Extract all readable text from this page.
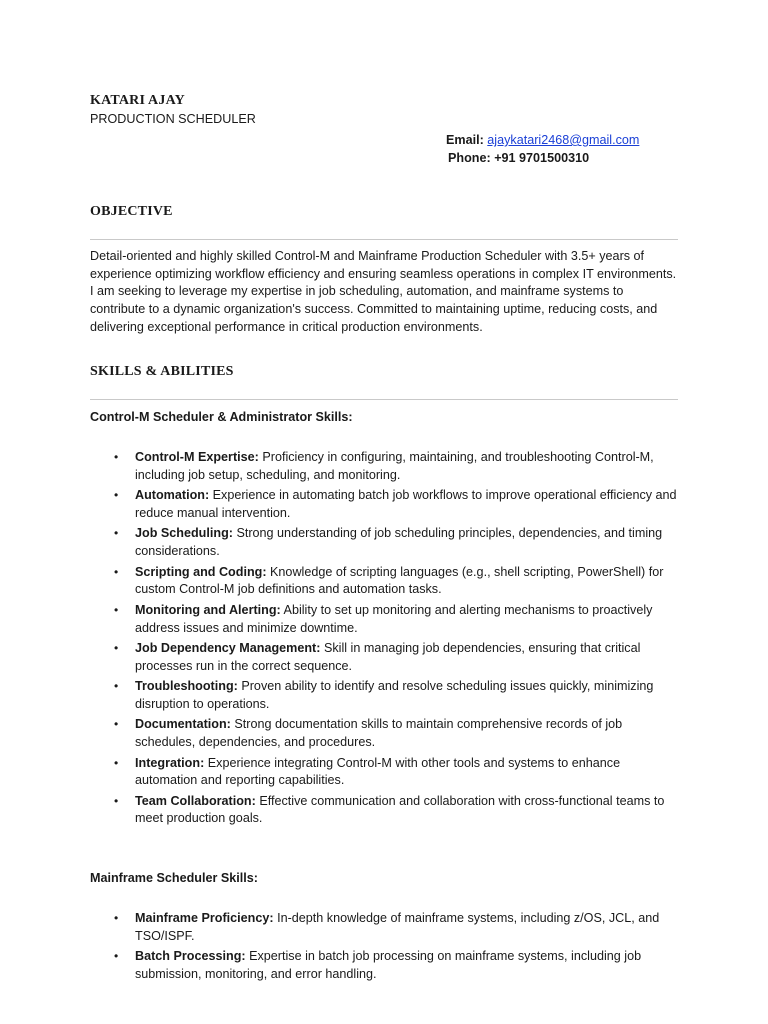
KATARI AJAY
PRODUCTION SCHEDULER
Email: ajaykatari2468@gmail.com
Phone: +91 9701500310
OBJECTIVE
Detail-oriented and highly skilled Control-M and Mainframe Production Scheduler with 3.5+ years of experience optimizing workflow efficiency and ensuring seamless operations in complex IT environments. I am seeking to leverage my expertise in job scheduling, automation, and mainframe systems to contribute to a dynamic organization's success. Committed to maintaining uptime, reducing costs, and delivering exceptional performance in critical production environments.
SKILLS & ABILITIES
Control-M Scheduler & Administrator Skills:
• Control-M Expertise: Proficiency in configuring, maintaining, and troubleshooting Control-M, including job setup, scheduling, and monitoring.
• Automation: Experience in automating batch job workflows to improve operational efficiency and reduce manual intervention.
• Job Scheduling: Strong understanding of job scheduling principles, dependencies, and timing considerations.
• Scripting and Coding: Knowledge of scripting languages (e.g., shell scripting, PowerShell) for custom Control-M job definitions and automation tasks.
• Monitoring and Alerting: Ability to set up monitoring and alerting mechanisms to proactively address issues and minimize downtime.
• Job Dependency Management: Skill in managing job dependencies, ensuring that critical processes run in the correct sequence.
• Troubleshooting: Proven ability to identify and resolve scheduling issues quickly, minimizing disruption to operations.
• Documentation: Strong documentation skills to maintain comprehensive records of job schedules, dependencies, and procedures.
• Integration: Experience integrating Control-M with other tools and systems to enhance automation and reporting capabilities.
• Team Collaboration: Effective communication and collaboration with cross-functional teams to meet production goals.
Mainframe Scheduler Skills:
• Mainframe Proficiency: In-depth knowledge of mainframe systems, including z/OS, JCL, and TSO/ISPF.
• Batch Processing: Expertise in batch job processing on mainframe systems, including job submission, monitoring, and error handling.
